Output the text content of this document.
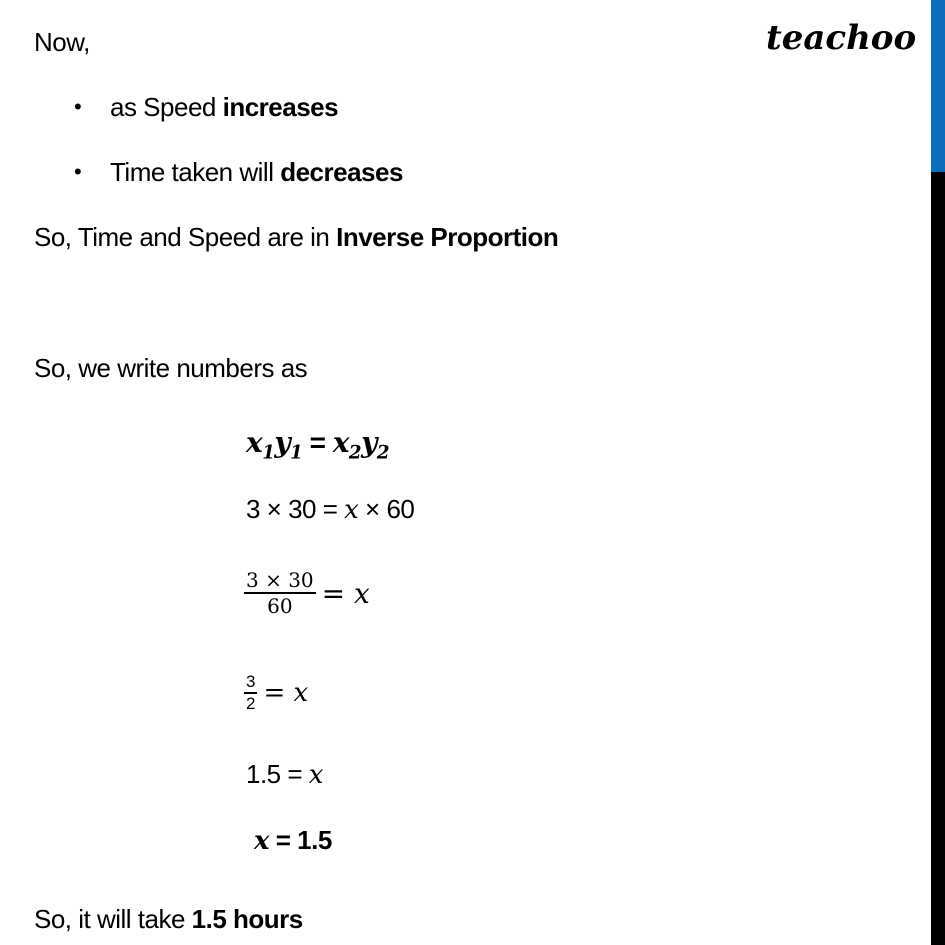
teachoo
Now,
• as Speed increases
• Time taken will decreases
So, Time and Speed are in Inverse Proportion
So, we write numbers as
$x_1y_1 = x_2y_2$
3 × 30 = x × 60
$\frac{3 \times 30}{60} = x$
$\frac{3}{2} = x$
1.5 = x
x = 1.5
So, it will take 1.5 hours
